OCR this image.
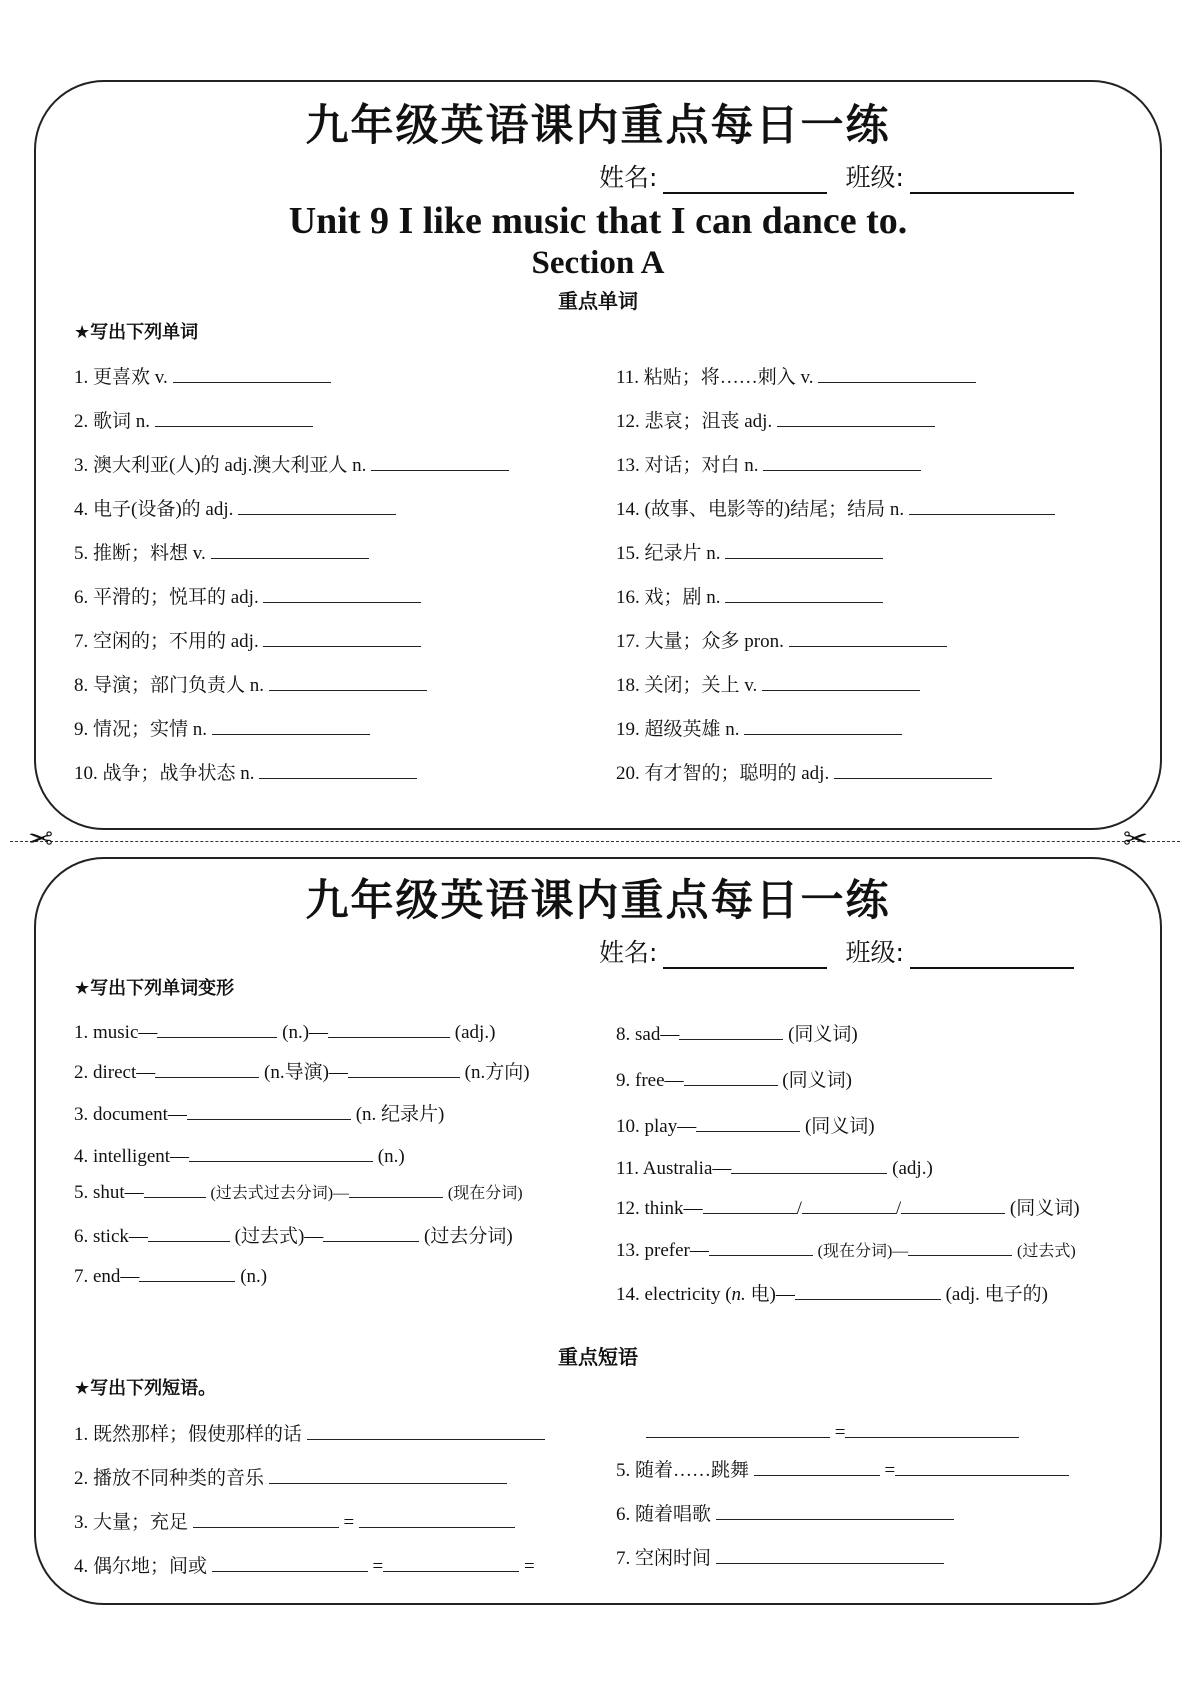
九年级英语课内重点每日一练
姓名:	班级:
Unit 9 I like music that I can dance to.
Section A
重点单词
★写出下列单词
1. 更喜欢 v.
2. 歌词 n.
3. 澳大利亚(人)的 adj.澳大利亚人 n.
4. 电子(设备)的 adj.
5. 推断；料想 v.
6. 平滑的；悦耳的 adj.
7. 空闲的；不用的 adj.
8. 导演；部门负责人 n.
9. 情况；实情 n.
10. 战争；战争状态 n.
11. 粘贴；将……刺入 v.
12. 悲哀；沮丧 adj.
13. 对话；对白 n.
14. (故事、电影等的)结尾；结局 n.
15. 纪录片 n.
16. 戏；剧 n.
17. 大量；众多 pron.
18. 关闭；关上 v.
19. 超级英雄 n.
20. 有才智的；聪明的 adj.
✂	✂
九年级英语课内重点每日一练
姓名:	班级:
★写出下列单词变形
1. music—	(n.)—	(adj.)
2. direct—	(n.导演)—	(n.方向)
3. document—	(n. 纪录片)
4. intelligent—	(n.)
5. shut—	(过去式过去分词)—	(现在分词)
6. stick—	(过去式)—	(过去分词)
7. end—	(n.)
8. sad—	(同义词)
9. free—	(同义词)
10. play—	(同义词)
11. Australia—	(adj.)
12. think—	/	/	(同义词)
13. prefer—	(现在分词)—	(过去式)
14. electricity (n. 电)—	(adj. 电子的)
重点短语
★写出下列短语。
1. 既然那样；假使那样的话
2. 播放不同种类的音乐
3. 大量；充足	=
4. 偶尔地；间或	=	=
=
5. 随着……跳舞	=
6. 随着唱歌
7. 空闲时间
